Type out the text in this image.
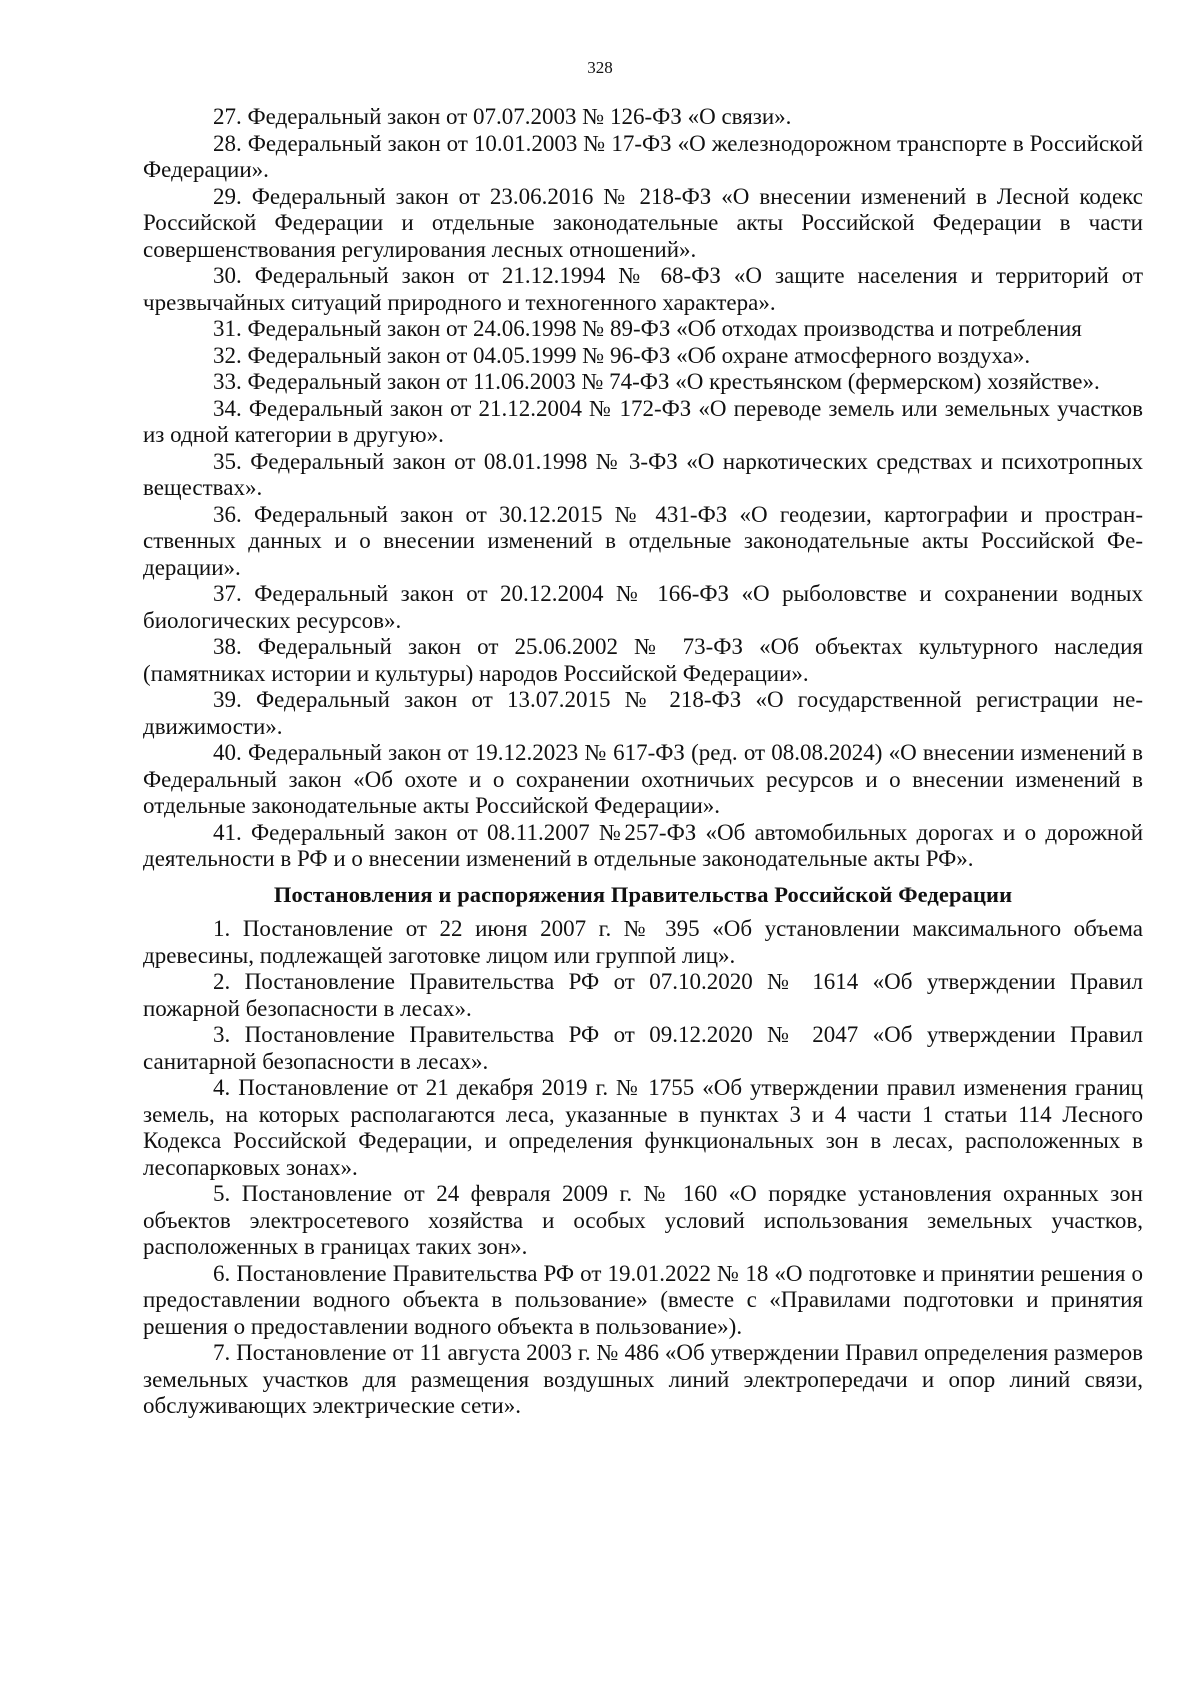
328

27. Федеральный закон от 07.07.2003 № 126-ФЗ «О связи».

28. Федеральный закон от 10.01.2003 № 17-ФЗ «О железнодорожном транспорте в Российской Федерации».

29. Федеральный закон от 23.06.2016 № 218-ФЗ «О внесении изменений в Лесной кодекс Российской Федерации и отдельные законодательные акты Российской Федерации в части совершенствования регулирования лесных отношений».

30. Федеральный закон от 21.12.1994 № 68-ФЗ «О защите населения и территорий от чрезвычайных ситуаций природного и техногенного характера».

31. Федеральный закон от 24.06.1998 № 89-ФЗ «Об отходах производства и потребления

32. Федеральный закон от 04.05.1999 № 96-ФЗ «Об охране атмосферного воздуха».

33. Федеральный закон от 11.06.2003 № 74-ФЗ «О крестьянском (фермерском) хозяйстве».

34. Федеральный закон от 21.12.2004 № 172-ФЗ «О переводе земель или земельных участков из одной категории в другую».

35. Федеральный закон от 08.01.1998 № 3-ФЗ «О наркотических средствах и психотропных веществах».

36. Федеральный закон от 30.12.2015 № 431-ФЗ «О геодезии, картографии и пространственных данных и о внесении изменений в отдельные законодательные акты Российской Федерации».

37. Федеральный закон от 20.12.2004 № 166-ФЗ «О рыболовстве и сохранении водных биологических ресурсов».

38. Федеральный закон от 25.06.2002 № 73-ФЗ «Об объектах культурного наследия (памятниках истории и культуры) народов Российской Федерации».

39. Федеральный закон от 13.07.2015 № 218-ФЗ «О государственной регистрации недвижимости».

40. Федеральный закон от 19.12.2023 № 617-ФЗ (ред. от 08.08.2024) «О внесении изменений в Федеральный закон «Об охоте и о сохранении охотничьих ресурсов и о внесении изменений в отдельные законодательные акты Российской Федерации».

41. Федеральный закон от 08.11.2007 №257-ФЗ «Об автомобильных дорогах и о дорожной деятельности в РФ и о внесении изменений в отдельные законодательные акты РФ».

Постановления и распоряжения Правительства Российской Федерации

1. Постановление от 22 июня 2007 г. № 395 «Об установлении максимального объема древесины, подлежащей заготовке лицом или группой лиц».

2. Постановление Правительства РФ от 07.10.2020 № 1614 «Об утверждении Правил пожарной безопасности в лесах».

3. Постановление Правительства РФ от 09.12.2020 № 2047 «Об утверждении Правил санитарной безопасности в лесах».

4. Постановление от 21 декабря 2019 г. № 1755 «Об утверждении правил изменения границ земель, на которых располагаются леса, указанные в пунктах 3 и 4 части 1 статьи 114 Лесного Кодекса Российской Федерации, и определения функциональных зон в лесах, расположенных в лесопарковых зонах».

5. Постановление от 24 февраля 2009 г. № 160 «О порядке установления охранных зон объектов электросетевого хозяйства и особых условий использования земельных участков, расположенных в границах таких зон».

6. Постановление Правительства РФ от 19.01.2022 № 18 «О подготовке и принятии решения о предоставлении водного объекта в пользование» (вместе с «Правилами подготовки и принятия решения о предоставлении водного объекта в пользование»).

7. Постановление от 11 августа 2003 г. № 486 «Об утверждении Правил определения размеров земельных участков для размещения воздушных линий электропередачи и опор линий связи, обслуживающих электрические сети».
